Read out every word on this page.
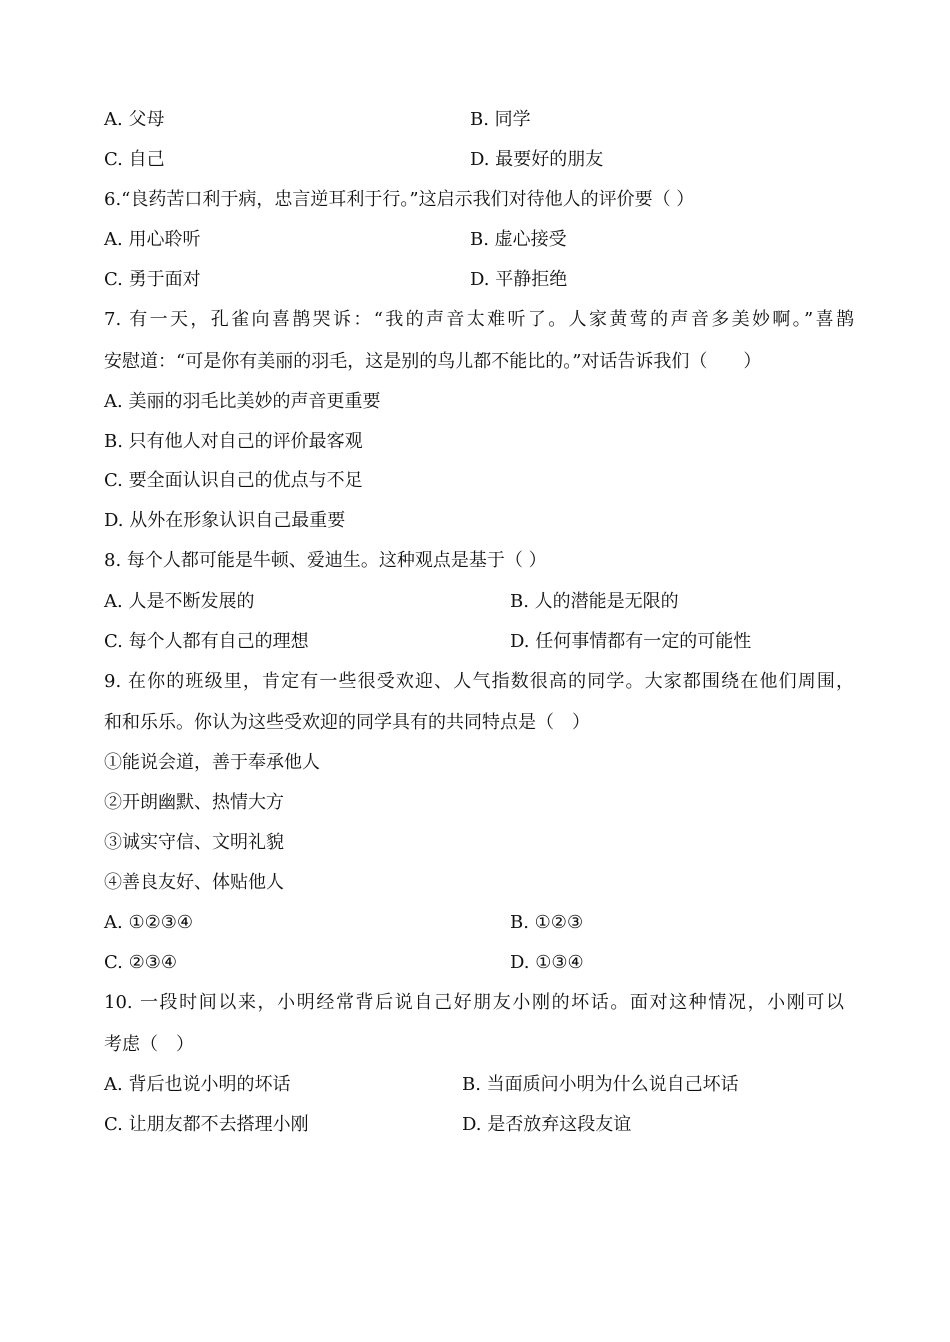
A. 父母	B. 同学
C. 自己	D. 最要好的朋友
6.“良药苦口利于病，忠言逆耳利于行。”这启示我们对待他人的评价要（ ）
A. 用心聆听	B. 虚心接受
C. 勇于面对	D. 平静拒绝
7. 有一天，孔雀向喜鹊哭诉：“我的声音太难听了。人家黄莺的声音多美妙啊。”喜鹊
安慰道：“可是你有美丽的羽毛，这是别的鸟儿都不能比的。”对话告诉我们（　　）
A. 美丽的羽毛比美妙的声音更重要
B. 只有他人对自己的评价最客观
C. 要全面认识自己的优点与不足
D. 从外在形象认识自己最重要
8. 每个人都可能是牛顿、爱迪生。这种观点是基于（ ）
A. 人是不断发展的	B. 人的潜能是无限的
C. 每个人都有自己的理想	D. 任何事情都有一定的可能性
9. 在你的班级里，肯定有一些很受欢迎、人气指数很高的同学。大家都围绕在他们周围，
和和乐乐。你认为这些受欢迎的同学具有的共同特点是（　）
①能说会道，善于奉承他人
②开朗幽默、热情大方
③诚实守信、文明礼貌
④善良友好、体贴他人
A. ①②③④	B. ①②③
C. ②③④	D. ①③④
10. 一段时间以来，小明经常背后说自己好朋友小刚的坏话。面对这种情况，小刚可以
考虑（　）
A. 背后也说小明的坏话	B. 当面质问小明为什么说自己坏话
C. 让朋友都不去搭理小刚	D. 是否放弃这段友谊
